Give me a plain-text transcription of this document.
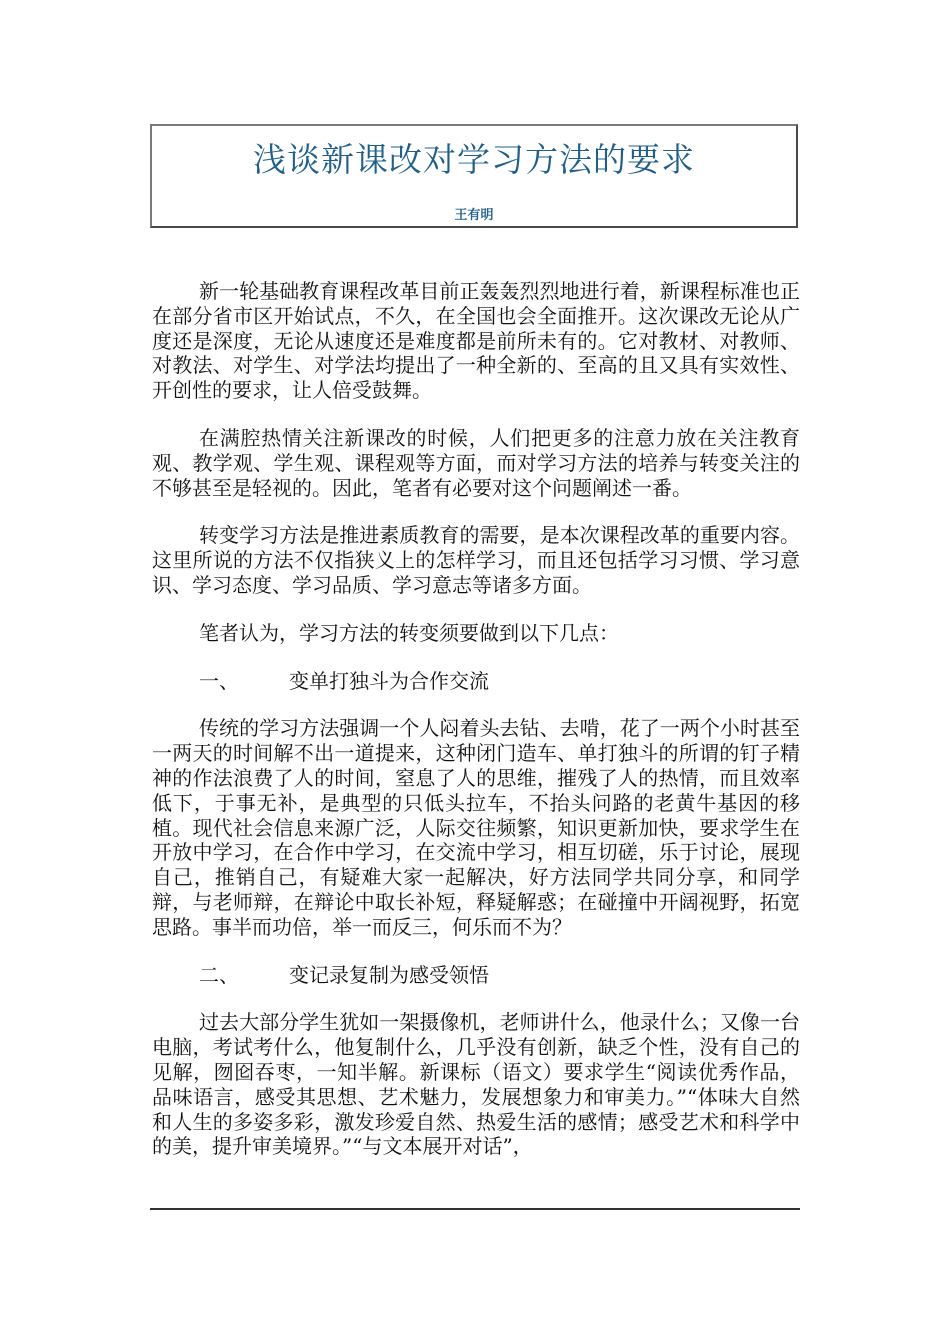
浅谈新课改对学习方法的要求
王有明

新一轮基础教育课程改革目前正轰轰烈烈地进行着，新课程标准也正在部分省市区开始试点，不久，在全国也会全面推开。这次课改无论从广度还是深度，无论从速度还是难度都是前所未有的。它对教材、对教师、对教法、对学生、对学法均提出了一种全新的、至高的且又具有实效性、开创性的要求，让人倍受鼓舞。

在满腔热情关注新课改的时候，人们把更多的注意力放在关注教育观、教学观、学生观、课程观等方面，而对学习方法的培养与转变关注的不够甚至是轻视的。因此，笔者有必要对这个问题阐述一番。

转变学习方法是推进素质教育的需要，是本次课程改革的重要内容。这里所说的方法不仅指狭义上的怎样学习，而且还包括学习习惯、学习意识、学习态度、学习品质、学习意志等诸多方面。

笔者认为，学习方法的转变须要做到以下几点：

一、	变单打独斗为合作交流

传统的学习方法强调一个人闷着头去钻、去啃，花了一两个小时甚至一两天的时间解不出一道提来，这种闭门造车、单打独斗的所谓的钉子精神的作法浪费了人的时间，窒息了人的思维，摧残了人的热情，而且效率低下，于事无补，是典型的只低头拉车，不抬头问路的老黄牛基因的移植。现代社会信息来源广泛，人际交往频繁，知识更新加快，要求学生在开放中学习，在合作中学习，在交流中学习，相互切磋，乐于讨论，展现自己，推销自己，有疑难大家一起解决，好方法同学共同分享，和同学辩，与老师辩，在辩论中取长补短，释疑解惑；在碰撞中开阔视野，拓宽思路。事半而功倍，举一而反三，何乐而不为？

二、	变记录复制为感受领悟

过去大部分学生犹如一架摄像机，老师讲什么，他录什么；又像一台电脑，考试考什么，他复制什么，几乎没有创新，缺乏个性，没有自己的见解，囫囵吞枣，一知半解。新课标（语文）要求学生“阅读优秀作品，品味语言，感受其思想、艺术魅力，发展想象力和审美力。”“体味大自然和人生的多姿多彩，激发珍爱自然、热爱生活的感情；感受艺术和科学中的美，提升审美境界。”“与文本展开对话”，
